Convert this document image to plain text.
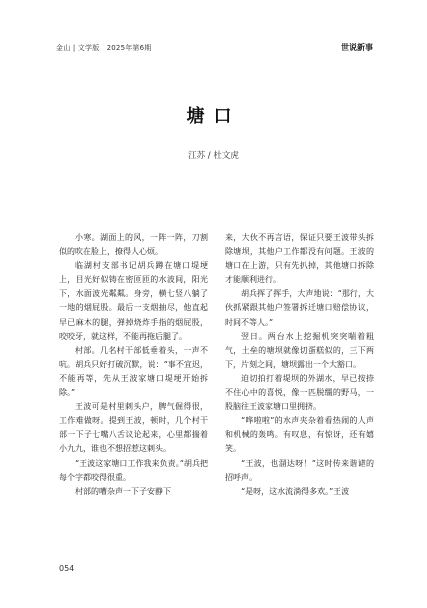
金山 | 文学版　2025年第6期	世说新事
塘口
江苏 / 杜文虎

小寒。湖面上的风，一阵一阵，刀割似的吹在脸上，撩得人心烦。

临湖村支部书记胡兵蹲在塘口堤埂上，目光好似铸在密匝匝的水波间，阳光下，水面波光粼粼。身旁，横七竖八躺了一地的烟屁股。最后一支烟抽尽，他直起早已麻木的腿，弹掉烧炸手指的烟屁股，咬咬牙，就这样，不能再拖后腿了。

村部。几名村干部低垂着头，一声不吭。胡兵只好打破沉默，说：“事不宜迟，不能再等，先从王波家塘口堤埂开始拆除。”

王波可是村里刺头户，脾气倔得很，工作难做呀。提到王波，顿时，几个村干部一下子七嘴八舌议论起来，心里都揣着小九九，谁也不想招惹这刺头。

“王波这家塘口工作我来负责。”胡兵把每个字都咬得很重。

村部的嘈杂声一下子安静下

来，大伙不再言语，保证只要王波带头拆除塘坝，其他户工作都没有问题。王波的塘口在上游，只有先扒掉，其他塘口拆除才能顺利进行。

胡兵挥了挥手，大声地说：“那行，大伙抓紧跟其他户签署拆迁塘口赔偿协议，时间不等人。”

翌日。两台水上挖掘机突突喘着粗气，土垒的塘坝就像切蛋糕似的，三下两下，片刻之间，塘坝露出一个大豁口。

迫切拍打着堤坝的外湖水，早已按捺不住心中的喜悦，像一匹脱缰的野马，一股脑往王波家塘口里拥挤。

“哗啦啦”的水声夹杂着看热闹的人声和机械的轰鸣。有叹息，有惊讶，还有嬉笑。

“王波，也溜达呀！”这时传来谐谑的招呼声。

“是呀，这水流淌得多欢。”王波

054
